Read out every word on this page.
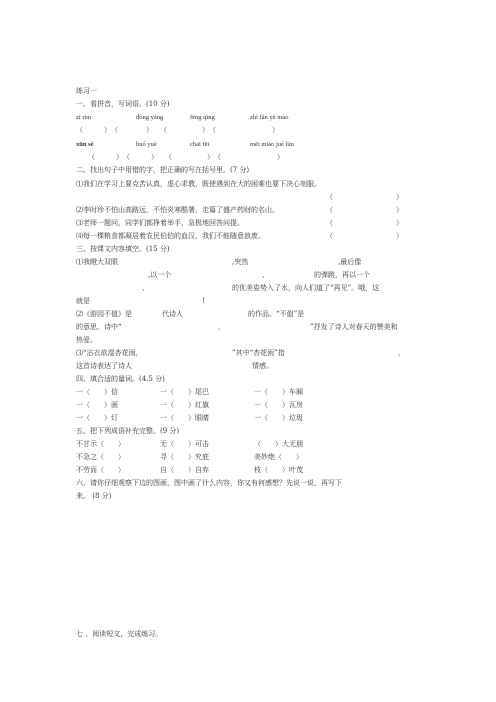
练习一
一、看拼音，写词语。(10 分)
zī rùn	dòng yáng	fēng qīng	zhì fǎn yè mào
（　　　）　（　　　　）　　（　　　　　）　（　　　　　　　　）
xūn sè	huó yuè	chāi fēi	měi miào jué lún
（　　　）　（　　　）　　（　　　　　）　（　　　　　　　　）
二、找出句子中用错的字，把正确的写在括号里。(7 分)
⑴我们在学习上要克苦认真，虚心求教，既使遇到在大的困难也要下决心刻服。
（　　　　　　　　　）
⑵李时珍不怕山高路远，不怕炎寒酷署，走篇了盛产药财的名山。	（　　　　　　　　　）
⑶老师一题问，同学们都挣着举手，急极地回答问提。	（　　　　　　　　　）
⑷每一棵粮食都凝居着农民伯伯的血汉，我们不能随意浪废。	（　　　　　　　　　）
三、按课文内容填空。(15 分)
⑴我瞪大双眼	,突然	,最后像
,以一个	、	的弹跳，再以一个
、	的优美姿势入了水，向人们道了“再见”。哦，这
就是　　　　　　　　　　　　　　　　!
⑵《游园不值》是	代诗人	的作品。“不值”是
的意思。诗中“	，	”抒发了诗人对春天的赞美和
热爱。
⑶“沾衣欲湿杏花雨，	”其中“杏花雨”指	，
这首诗表达了诗人	情感。
四、填合适的量词。(4.5 分)
一（　　）信	一（　　）尾巴	一（　　）车厢
一（　　）画	一（　　）红旗	一（　　）瓦房
一（　　）灯	一（　　）眼睛	一（　　）垃圾
五、把下列成语补充完整。(9 分)
不甘示（　　）	无（　　）可击	（　　）大无朋
不急之（　　）	寻（　　）究底	美妙绝（　　）
不劳而（　　）	自（　　）自弃	枝（　　）叶茂
六、请你仔细观察下边的图画，图中画了什么内容，你又有何感想？先说一说，再写下
来。 (8 分)
七 、阅读短文，完成练习。
